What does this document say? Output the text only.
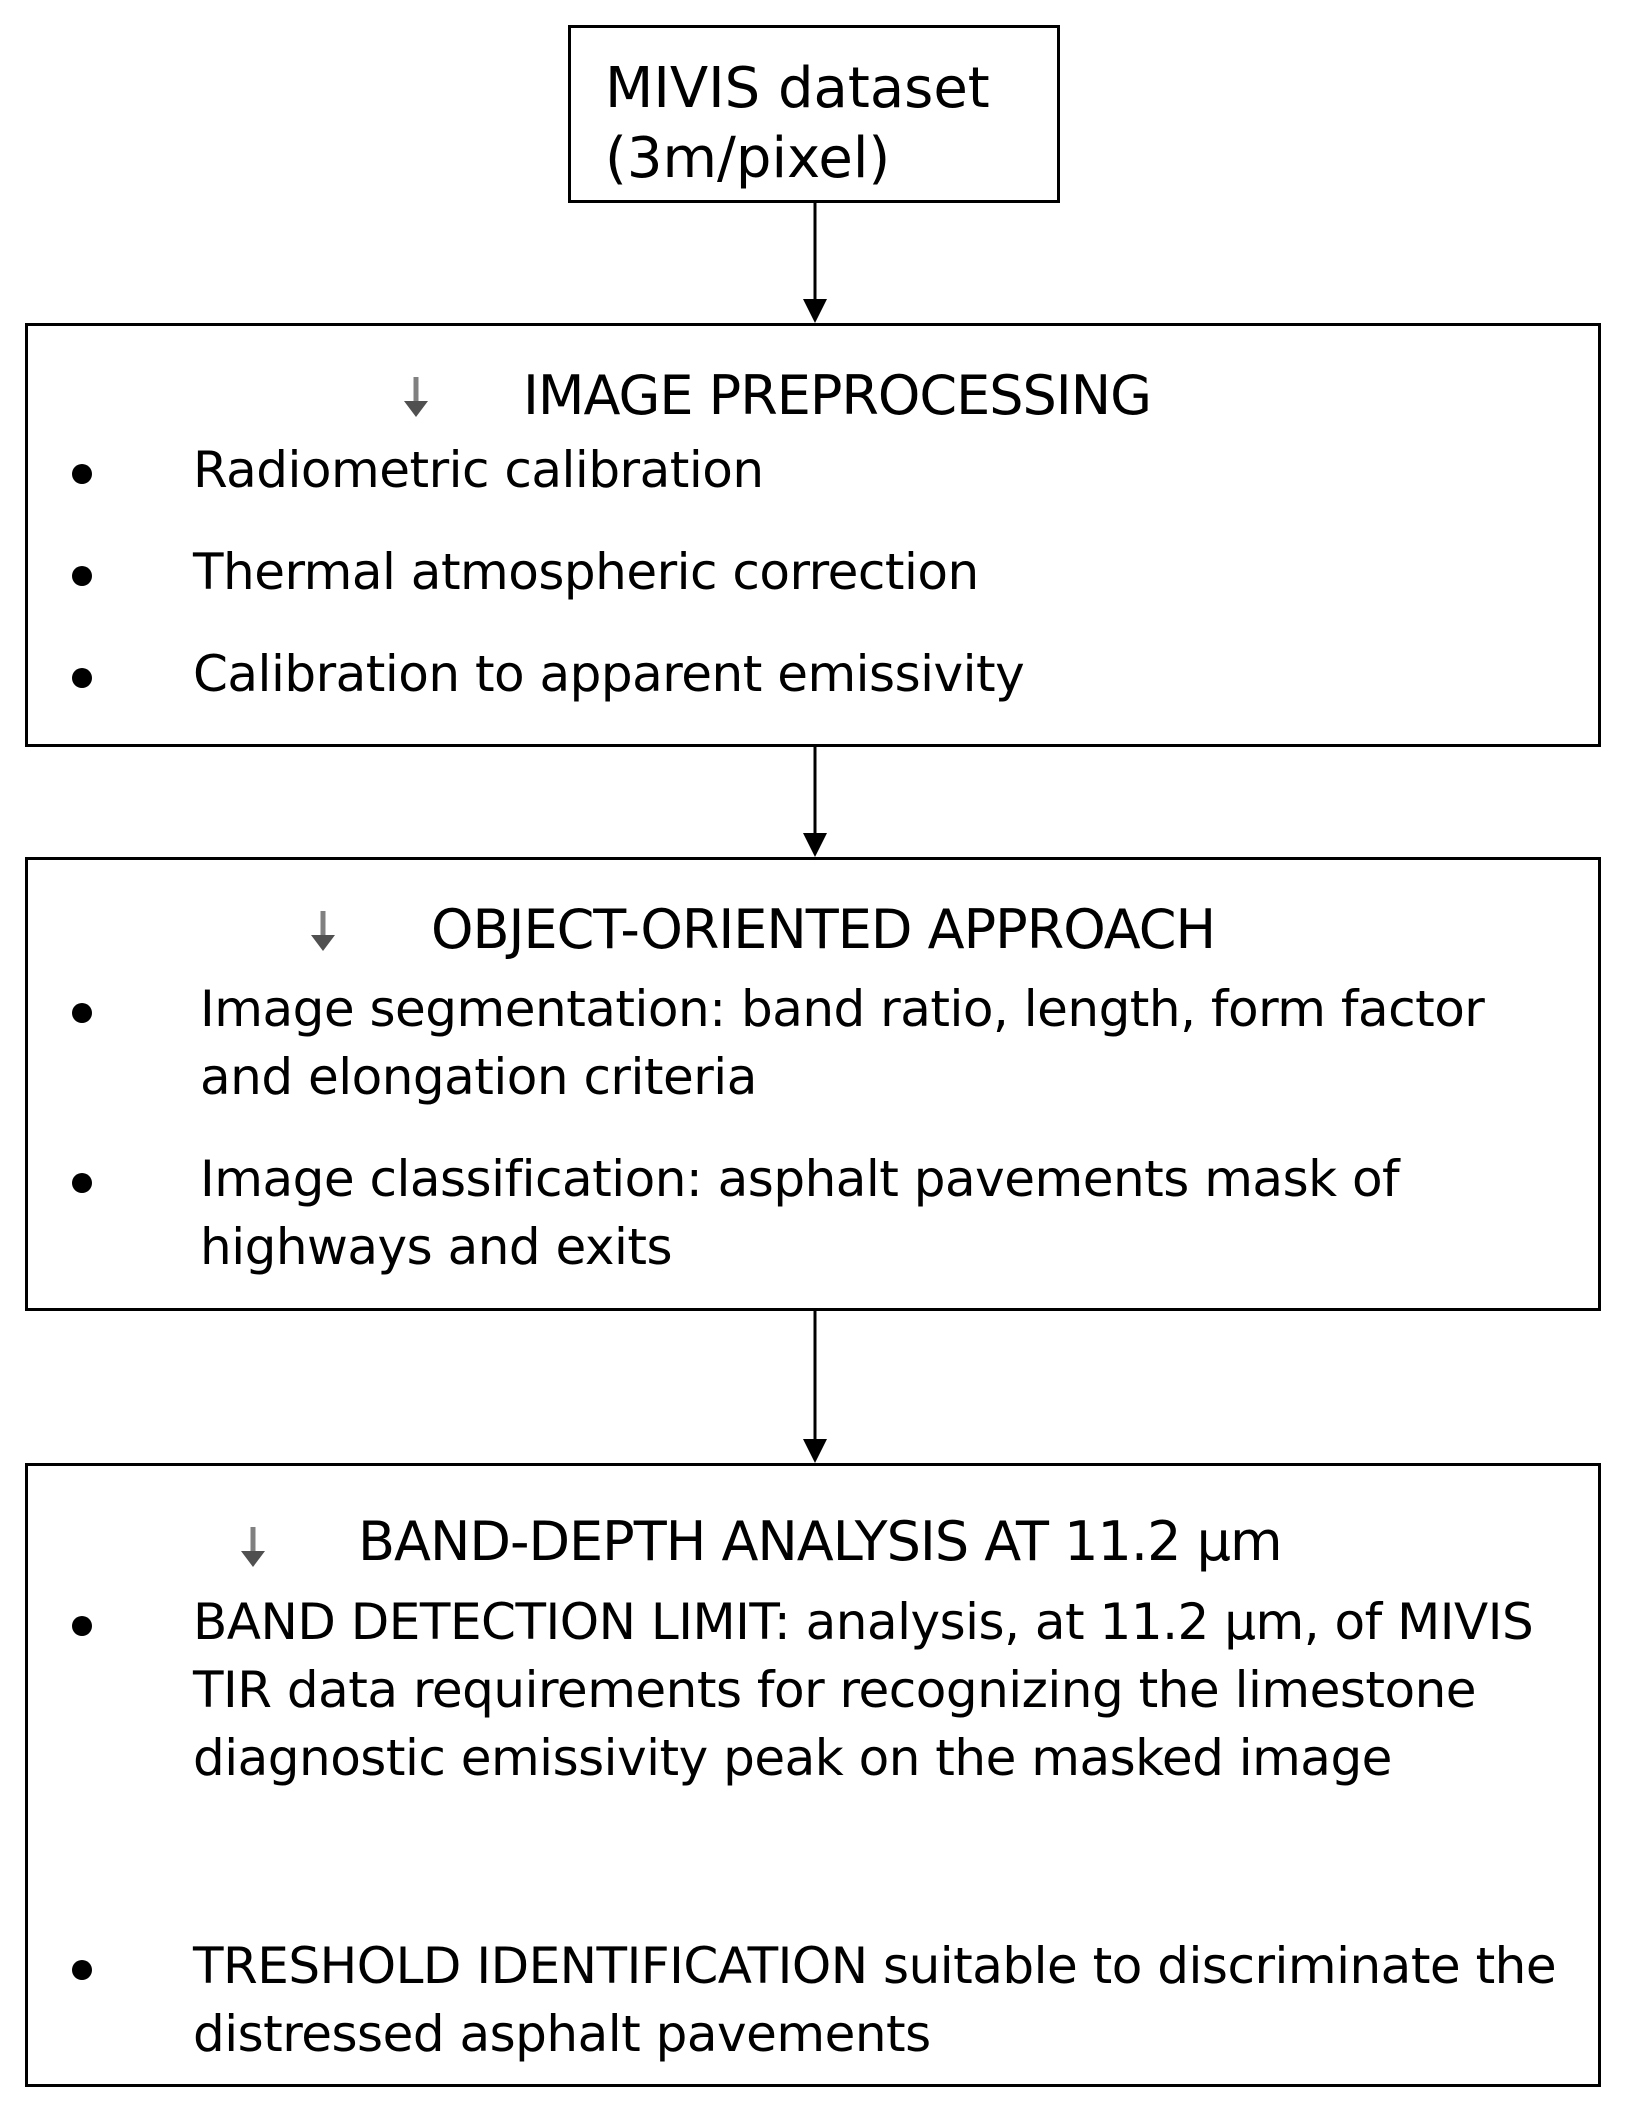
MIVIS dataset
(3m/pixel)
IMAGE PREPROCESSING
Radiometric calibration
Thermal atmospheric correction
Calibration to apparent emissivity
OBJECT-ORIENTED APPROACH
Image segmentation: band ratio, length, form factor and elongation criteria
Image classification: asphalt pavements mask of highways and exits
BAND-DEPTH ANALYSIS AT 11.2 µm
BAND DETECTION LIMIT: analysis, at 11.2 µm, of MIVIS TIR data requirements for recognizing the limestone diagnostic emissivity peak on the masked image
TRESHOLD IDENTIFICATION suitable to discriminate the distressed asphalt pavements
